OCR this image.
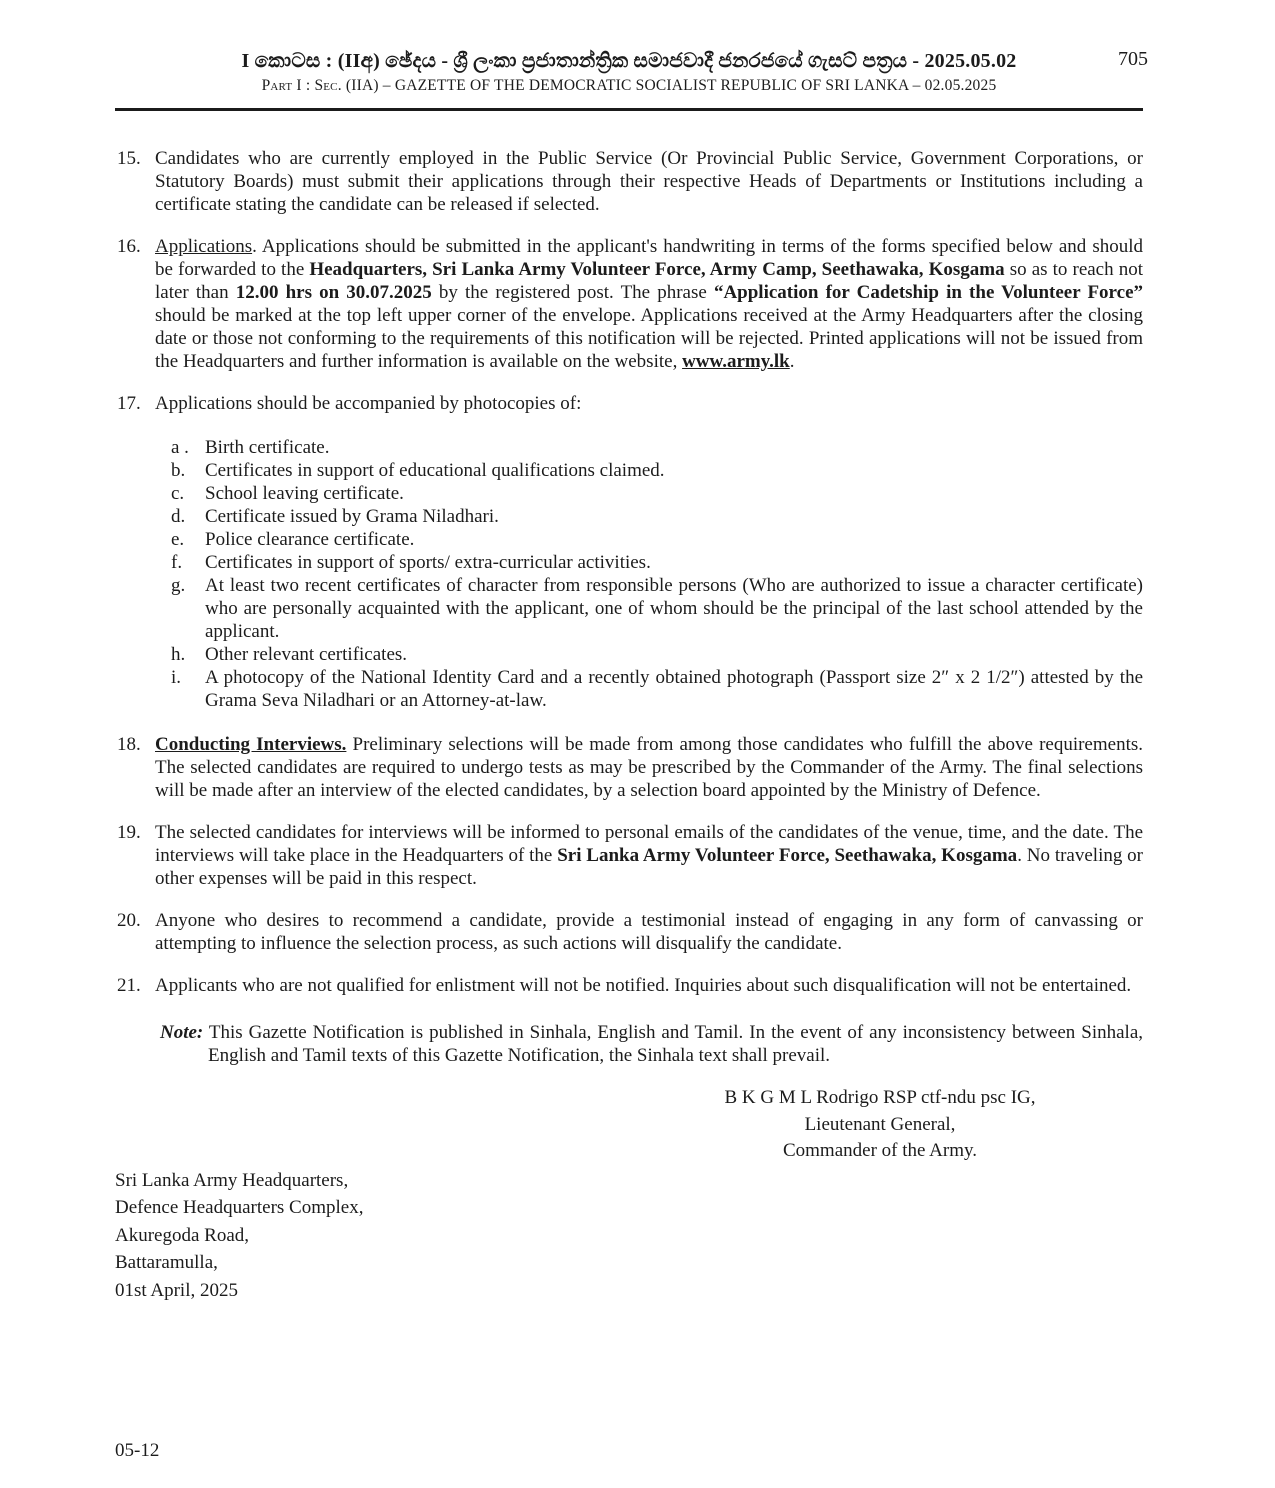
705
I කොටස : (IIඅ) ඡේදය - ශ්‍රී ලංකා ප්‍රජාතාන්ත්‍රික සමාජවාදී ජනරජයේ ගැසට් පත්‍රය - 2025.05.02
Part I : Sec. (IIA) – GAZETTE OF THE DEMOCRATIC SOCIALIST REPUBLIC OF SRI LANKA – 02.05.2025
15. Candidates who are currently employed in the Public Service (Or Provincial Public Service, Government Corporations, or Statutory Boards) must submit their applications through their respective Heads of Departments or Institutions including a certificate stating the candidate can be released if selected.
16. Applications. Applications should be submitted in the applicant's handwriting in terms of the forms specified below and should be forwarded to the Headquarters, Sri Lanka Army Volunteer Force, Army Camp, Seethawaka, Kosgama so as to reach not later than 12.00 hrs on 30.07.2025 by the registered post. The phrase “Application for Cadetship in the Volunteer Force” should be marked at the top left upper corner of the envelope. Applications received at the Army Headquarters after the closing date or those not conforming to the requirements of this notification will be rejected. Printed applications will not be issued from the Headquarters and further information is available on the website, www.army.lk.
17. Applications should be accompanied by photocopies of:
a . Birth certificate.
b. Certificates in support of educational qualifications claimed.
c. School leaving certificate.
d. Certificate issued by Grama Niladhari.
e. Police clearance certificate.
f. Certificates in support of sports/ extra-curricular activities.
g. At least two recent certificates of character from responsible persons (Who are authorized to issue a character certificate) who are personally acquainted with the applicant, one of whom should be the principal of the last school attended by the applicant.
h. Other relevant certificates.
i. A photocopy of the National Identity Card and a recently obtained photograph (Passport size 2″ x 2 1/2″) attested by the Grama Seva Niladhari or an Attorney-at-law.
18. Conducting Interviews. Preliminary selections will be made from among those candidates who fulfill the above requirements. The selected candidates are required to undergo tests as may be prescribed by the Commander of the Army. The final selections will be made after an interview of the elected candidates, by a selection board appointed by the Ministry of Defence.
19. The selected candidates for interviews will be informed to personal emails of the candidates of the venue, time, and the date. The interviews will take place in the Headquarters of the Sri Lanka Army Volunteer Force, Seethawaka, Kosgama. No traveling or other expenses will be paid in this respect.
20. Anyone who desires to recommend a candidate, provide a testimonial instead of engaging in any form of canvassing or attempting to influence the selection process, as such actions will disqualify the candidate.
21. Applicants who are not qualified for enlistment will not be notified. Inquiries about such disqualification will not be entertained.
Note: This Gazette Notification is published in Sinhala, English and Tamil. In the event of any inconsistency between Sinhala, English and Tamil texts of this Gazette Notification, the Sinhala text shall prevail.
B K G M L Rodrigo RSP ctf-ndu psc IG,
Lieutenant General,
Commander of the Army.
Sri Lanka Army Headquarters,
Defence Headquarters Complex,
Akuregoda Road,
Battaramulla,
01st April, 2025
05-12
